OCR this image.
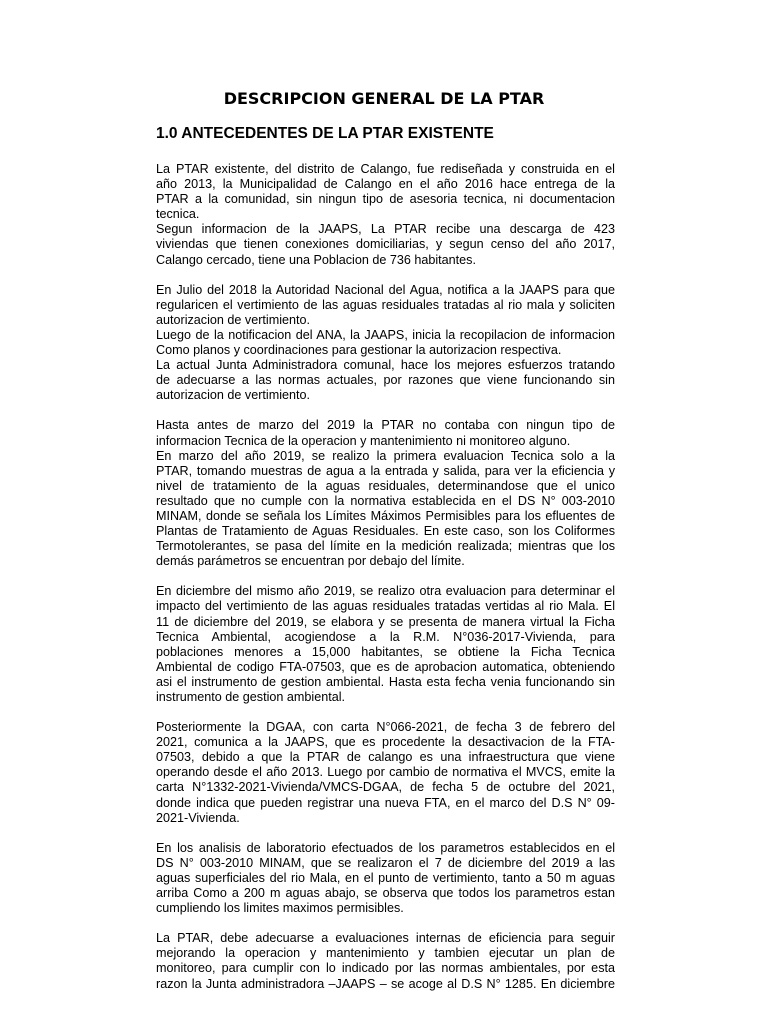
DESCRIPCION GENERAL DE LA PTAR
1.0 ANTECEDENTES DE LA PTAR EXISTENTE
La PTAR existente, del distrito de Calango, fue rediseñada y construida en el
año 2013, la Municipalidad de Calango en el año 2016 hace entrega de la
PTAR a la comunidad, sin ningun tipo de asesoria tecnica, ni documentacion
tecnica.
Segun informacion de la JAAPS, La PTAR recibe una descarga de 423
viviendas que tienen conexiones domiciliarias, y segun censo del año 2017,
Calango cercado, tiene una Poblacion de 736 habitantes.
En Julio del 2018 la Autoridad Nacional del Agua, notifica a la JAAPS para que
regularicen el vertimiento de las aguas residuales tratadas al rio mala y soliciten
autorizacion de vertimiento.
Luego de la notificacion del ANA, la JAAPS, inicia la recopilacion de informacion
Como planos y coordinaciones para gestionar la autorizacion respectiva.
La actual Junta Administradora comunal, hace los mejores esfuerzos tratando
de adecuarse a las normas actuales, por razones que viene funcionando sin
autorizacion de vertimiento.
Hasta antes de marzo del 2019 la PTAR no contaba con ningun tipo de
informacion Tecnica de la operacion y mantenimiento ni monitoreo alguno.
En marzo del año 2019, se realizo la primera evaluacion Tecnica solo a la
PTAR, tomando muestras de agua a la entrada y salida, para ver la eficiencia y
nivel de tratamiento de la aguas residuales, determinandose que el unico
resultado que no cumple con la normativa establecida en el DS N° 003-2010
MINAM, donde se señala los Límites Máximos Permisibles para los efluentes de
Plantas de Tratamiento de Aguas Residuales. En este caso, son los Coliformes
Termotolerantes, se pasa del límite en la medición realizada; mientras que los
demás parámetros se encuentran por debajo del límite.
En diciembre del mismo año 2019, se realizo otra evaluacion para determinar el
impacto del vertimiento de las aguas residuales tratadas vertidas al rio Mala. El
11 de diciembre del 2019, se elabora y se presenta de manera virtual la Ficha
Tecnica Ambiental, acogiendose a la R.M. N°036-2017-Vivienda, para
poblaciones menores a 15,000 habitantes, se obtiene la Ficha Tecnica
Ambiental de codigo FTA-07503, que es de aprobacion automatica, obteniendo
asi el instrumento de gestion ambiental. Hasta esta fecha venia funcionando sin
instrumento de gestion ambiental.
Posteriormente la DGAA, con carta N°066-2021, de fecha 3 de febrero del
2021, comunica a la JAAPS, que es procedente la desactivacion de la FTA-
07503, debido a que la PTAR de calango es una infraestructura que viene
operando desde el año 2013. Luego por cambio de normativa el MVCS, emite la
carta N°1332-2021-Vivienda/VMCS-DGAA, de fecha 5 de octubre del 2021,
donde indica que pueden registrar una nueva FTA, en el marco del D.S N° 09-
2021-Vivienda.
En los analisis de laboratorio efectuados de los parametros establecidos en el
DS N° 003-2010 MINAM, que se realizaron el 7 de diciembre del 2019 a las
aguas superficiales del rio Mala, en el punto de vertimiento, tanto a 50 m aguas
arriba Como a 200 m aguas abajo, se observa que todos los parametros estan
cumpliendo los limites maximos permisibles.
La PTAR, debe adecuarse a evaluaciones internas de eficiencia para seguir
mejorando la operacion y mantenimiento y tambien ejecutar un plan de
monitoreo, para cumplir con lo indicado por las normas ambientales, por esta
razon la Junta administradora –JAAPS – se acoge al D.S N° 1285. En diciembre
